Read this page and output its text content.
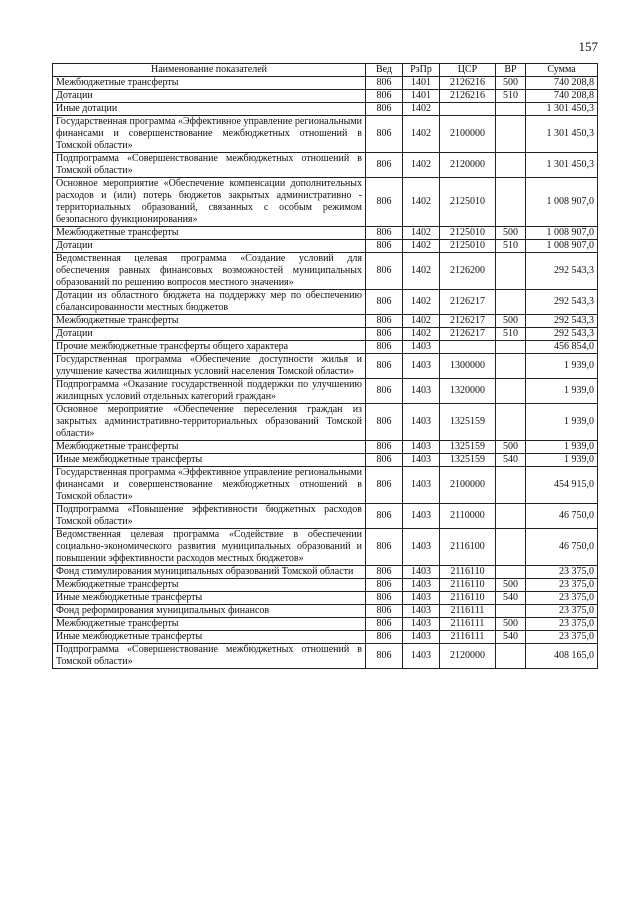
157
Наименование показателей	Вед	РзПр	ЦСР	ВР	Сумма
Межбюджетные трансферты	806	1401	2126216	500	740 208,8
Дотации	806	1401	2126216	510	740 208,8
Иные дотации	806	1402			1 301 450,3
Государственная программа «Эффективное управление региональными финансами и совершенствование межбюджетных отношений в Томской области»	806	1402	2100000		1 301 450,3
Подпрограмма «Совершенствование межбюджетных отношений в Томской области»	806	1402	2120000		1 301 450,3
Основное мероприятие «Обеспечение компенсации дополнительных расходов и (или) потерь бюджетов закрытых административно - территориальных образований, связанных с особым режимом безопасного функционирования»	806	1402	2125010		1 008 907,0
Межбюджетные трансферты	806	1402	2125010	500	1 008 907,0
Дотации	806	1402	2125010	510	1 008 907,0
Ведомственная целевая программа «Создание условий для обеспечения равных финансовых возможностей муниципальных образований по решению вопросов местного значения»	806	1402	2126200		292 543,3
Дотации из областного бюджета на поддержку мер по обеспечению сбалансированности местных бюджетов	806	1402	2126217		292 543,3
Межбюджетные трансферты	806	1402	2126217	500	292 543,3
Дотации	806	1402	2126217	510	292 543,3
Прочие межбюджетные трансферты общего характера	806	1403			456 854,0
Государственная программа «Обеспечение доступности жилья и улучшение качества жилищных условий населения Томской области»	806	1403	1300000		1 939,0
Подпрограмма «Оказание государственной поддержки по улучшению жилищных условий отдельных категорий граждан»	806	1403	1320000		1 939,0
Основное мероприятие «Обеспечение переселения граждан из закрытых административно-территориальных образований Томской области»	806	1403	1325159		1 939,0
Межбюджетные трансферты	806	1403	1325159	500	1 939,0
Иные межбюджетные трансферты	806	1403	1325159	540	1 939,0
Государственная программа «Эффективное управление региональными финансами и совершенствование межбюджетных отношений в Томской области»	806	1403	2100000		454 915,0
Подпрограмма «Повышение эффективности бюджетных расходов Томской области»	806	1403	2110000		46 750,0
Ведомственная целевая программа «Содействие в обеспечении социально-экономического развития муниципальных образований и повышении эффективности расходов местных бюджетов»	806	1403	2116100		46 750,0
Фонд стимулирования муниципальных образований Томской области	806	1403	2116110		23 375,0
Межбюджетные трансферты	806	1403	2116110	500	23 375,0
Иные межбюджетные трансферты	806	1403	2116110	540	23 375,0
Фонд реформирования муниципальных финансов	806	1403	2116111		23 375,0
Межбюджетные трансферты	806	1403	2116111	500	23 375,0
Иные межбюджетные трансферты	806	1403	2116111	540	23 375,0
Подпрограмма «Совершенствование межбюджетных отношений в Томской области»	806	1403	2120000		408 165,0
